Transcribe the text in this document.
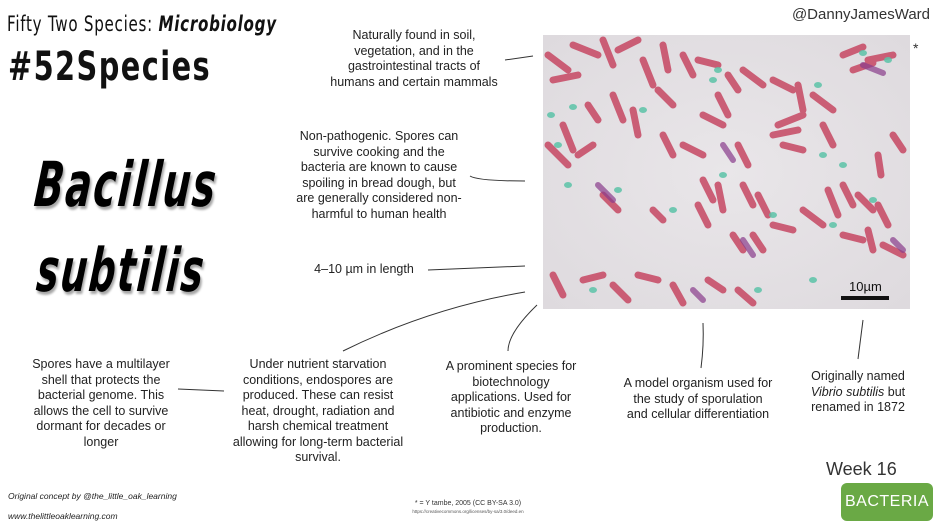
Fifty Two Species: Microbiology
#52Species
@DannyJamesWard
Bacillus
subtilis
*
10µm
Naturally found in soil, vegetation, and in the gastrointestinal tracts of humans and certain mammals
Non-pathogenic. Spores can survive cooking and the bacteria are known to cause spoiling in bread dough, but are generally considered non-harmful to human health
4–10 µm in length
Spores have a multilayer shell that protects the bacterial genome. This allows the cell to survive dormant for decades or longer
Under nutrient starvation conditions, endospores are produced. These can resist heat, drought, radiation and harsh chemical treatment allowing for long-term bacterial survival.
A prominent species for biotechnology applications. Used for antibiotic and enzyme production.
A model organism used for the study of sporulation and cellular differentiation
Originally named Vibrio subtilis but renamed in 1872
Week 16
BACTERIA
Original concept by @the_little_oak_learning
www.thelittleoaklearning.com
* = Y tambe, 2005 (CC BY-SA 3.0)
https://creativecommons.org/licenses/by-sa/3.0/deed.en
